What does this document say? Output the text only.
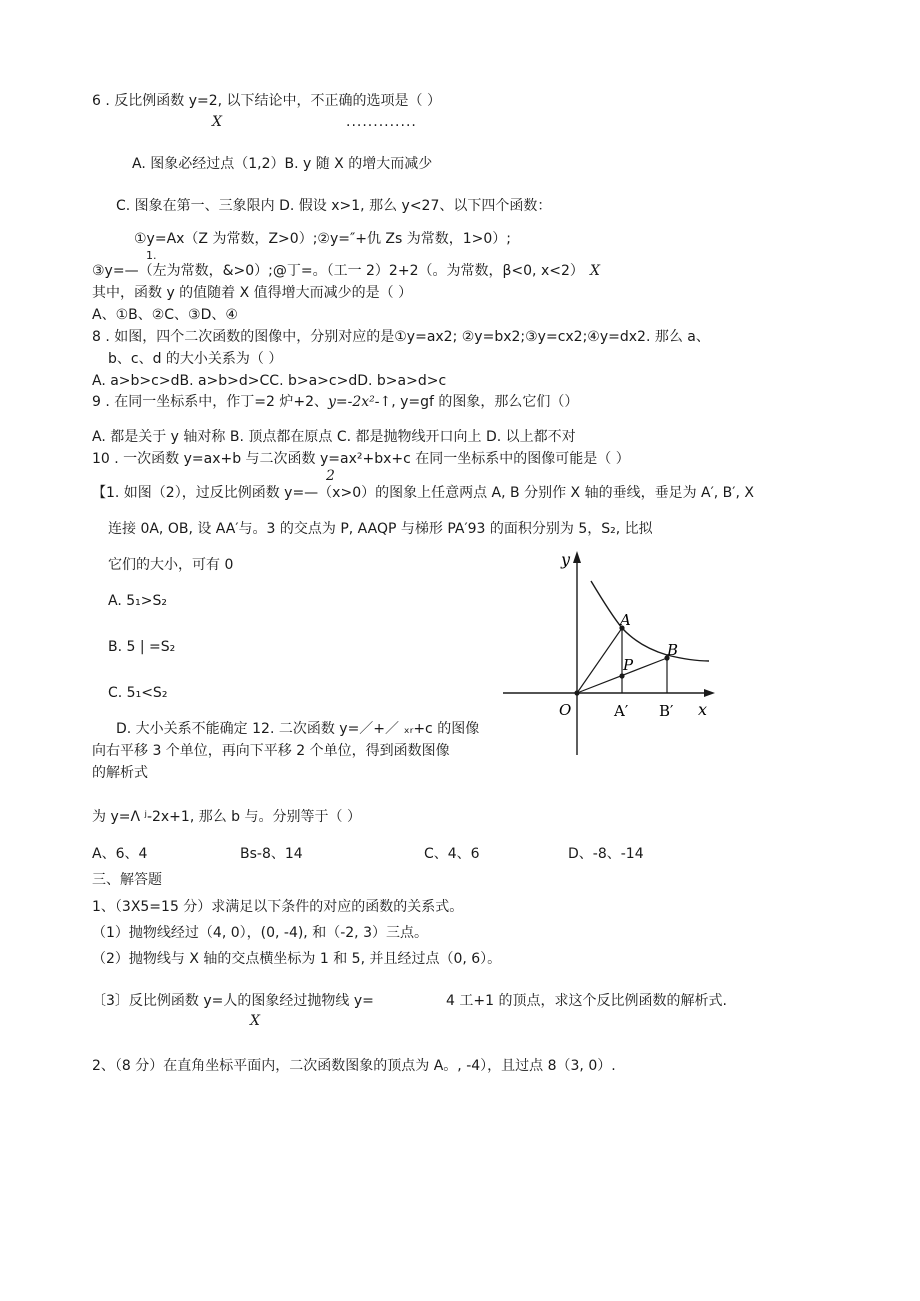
6 . 反比例函数 y=2, 以下结论中，不正确的选项是（ ）
X	.............
A. 图象必经过点（1,2）B. y 随 X 的增大而减少
C. 图象在第一、三象限内 D. 假设 x>1, 那么 y<27、以下四个函数：
①y=Ax（Z 为常数，Z>0）;②y=″+仇 Zs 为常数，1>0）;
1.
③y=—（左为常数，&>0）;@丁=。（工一 2）2+2（。为常数，β<0, x<2） X
其中，函数 y 的值随着 X 值得增大而减少的是（ ）
A、①B、②C、③D、④
8 . 如图，四个二次函数的图像中，分别对应的是①y=ax2; ②y=bx2;③y=cx2;④y=dx2. 那么 a、
b、c、d 的大小关系为（ ）
A. a>b>c>dB. a>b>d>CC. b>a>c>dD. b>a>d>c
9 . 在同一坐标系中，作丁=2 炉+2、y=-2x²-↑, y=gf 的图象，那么它们（）
A. 都是关于 y 轴对称 B. 顶点都在原点 C. 都是抛物线开口向上 D. 以上都不对
10 . 一次函数 y=ax+b 与二次函数 y=ax²+bx+c 在同一坐标系中的图像可能是（ ）
2
【1. 如图（2），过反比例函数 y=—（x>0）的图象上任意两点 A, B 分别作 X 轴的垂线，垂足为 A′, B′, X
连接 0A, OB, 设 AA′与。3 的交点为 P, AAQP 与梯形 PA′93 的面积分别为 5，S₂, 比拟
它们的大小，可有 0
A. 5₁>S₂
B. 5 | =S₂
C. 5₁<S₂
D. 大小关系不能确定 12. 二次函数 y=／+／ ₓᵣ+c 的图像
向右平移 3 个单位，再向下平移 2 个单位，得到函数图像
的解析式
y
x
O
A
B
P
A′ B′
为 y=Λ ʲ-2x+1, 那么 b 与。分别等于（ ）
A、6、4	Bs-8、14	C、4、6	D、-8、-14
三、解答题
1、（3X5=15 分）求满足以下条件的对应的函数的关系式。
（1）抛物线经过（4, 0），(0, -4), 和（-2, 3）三点。
（2）抛物线与 X 轴的交点横坐标为 1 和 5, 并且经过点（0, 6）。
〔3〕反比例函数 y=人的图象经过抛物线 y=	4 工+1 的顶点，求这个反比例函数的解析式.
X
2、（8 分）在直角坐标平面内，二次函数图象的顶点为 A。, -4），且过点 8（3, 0）.
